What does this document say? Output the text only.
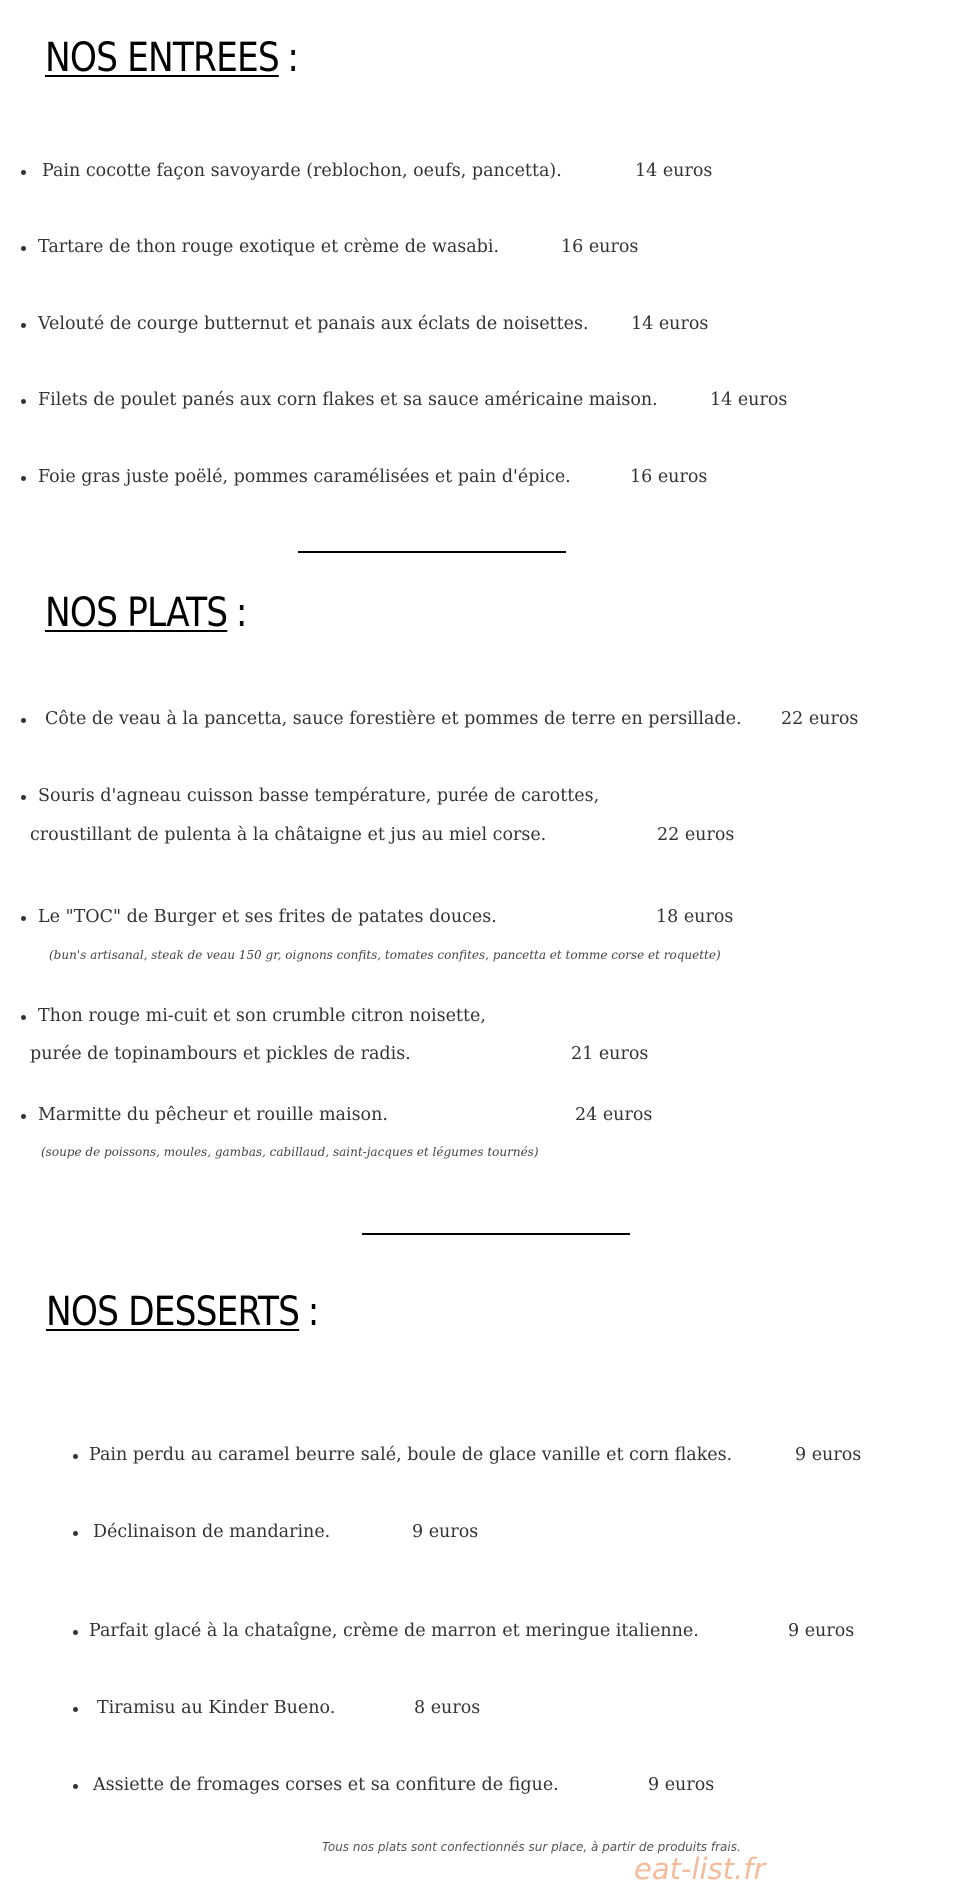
NOS ENTREES :
Pain cocotte façon savoyarde (reblochon, oeufs, pancetta).	14 euros
Tartare de thon rouge exotique et crème de wasabi.	16 euros
Velouté de courge butternut et panais aux éclats de noisettes. 14 euros
Filets de poulet panés aux corn flakes et sa sauce américaine maison.	14 euros
Foie gras juste poëlé, pommes caramélisées et pain d'épice.	16 euros
NOS PLATS :
Côte de veau à la pancetta, sauce forestière et pommes de terre en persillade. 22 euros
Souris d'agneau cuisson basse température, purée de carottes,
croustillant de pulenta à la châtaigne et jus au miel corse.	22 euros
Le "TOC" de Burger et ses frites de patates douces.	18 euros
(bun's artisanal, steak de veau 150 gr, oignons confits, tomates confites, pancetta et tomme corse et roquette)
Thon rouge mi-cuit et son crumble citron noisette,
purée de topinambours et pickles de radis.	21 euros
Marmitte du pêcheur et rouille maison.	24 euros
(soupe de poissons, moules, gambas, cabillaud, saint-jacques et légumes tournés)
NOS DESSERTS :
Pain perdu au caramel beurre salé, boule de glace vanille et corn flakes.	9 euros
Déclinaison de mandarine.	9 euros
Parfait glacé à la chataîgne, crème de marron et meringue italienne.	9 euros
Tiramisu au Kinder Bueno.	8 euros
Assiette de fromages corses et sa confiture de figue.	9 euros
Tous nos plats sont confectionnés sur place, à partir de produits frais.
eat-list.fr
